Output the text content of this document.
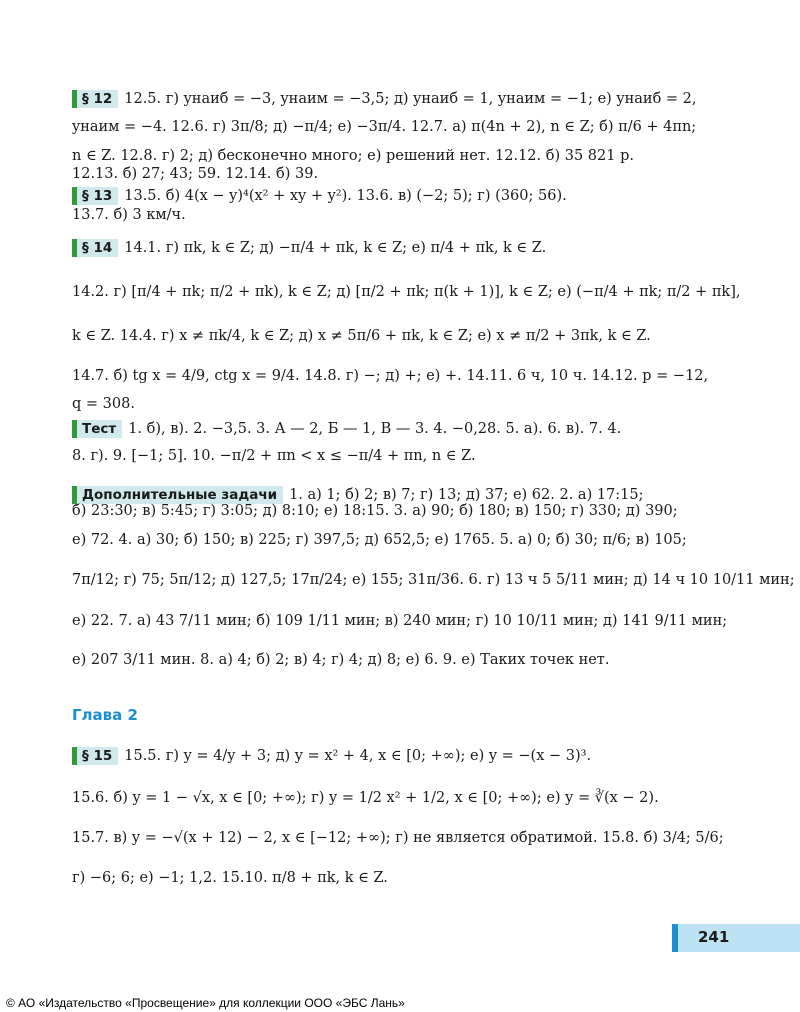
§ 12 12.5. г) yнаиб = −3, yнаим = −3,5; д) yнаиб = 1, yнаим = −1; е) yнаиб = 2,
yнаим = −4. 12.6. г) 3π/8; д) −π/4; е) −3π/4. 12.7. а) π(4n + 2), n ∈ Z; б) π/6 + 4πn;
n ∈ Z. 12.8. г) 2; д) бесконечно много; е) решений нет. 12.12. б) 35 821 р.
12.13. б) 27; 43; 59. 12.14. б) 39.
§ 13 13.5. б) 4(x − y)⁴(x² + xy + y²). 13.6. в) (−2; 5); г) (360; 56).
13.7. б) 3 км/ч.
§ 14 14.1. г) πk, k ∈ Z; д) −π/4 + πk, k ∈ Z; е) π/4 + πk, k ∈ Z.
14.2. г) [π/4 + πk; π/2 + πk), k ∈ Z; д) [π/2 + πk; π(k + 1)], k ∈ Z; е) (−π/4 + πk; π/2 + πk],
k ∈ Z. 14.4. г) x ≠ πk/4, k ∈ Z; д) x ≠ 5π/6 + πk, k ∈ Z; е) x ≠ π/2 + 3πk, k ∈ Z.
14.7. б) tg x = 4/9, ctg x = 9/4. 14.8. г) −; д) +; е) +. 14.11. 6 ч, 10 ч. 14.12. p = −12,
q = 308.
Тест 1. б), в). 2. −3,5. 3. А — 2, Б — 1, В — 3. 4. −0,28. 5. а). 6. в). 7. 4.
8. г). 9. [−1; 5]. 10. −π/2 + πn < x ≤ −π/4 + πn, n ∈ Z.
Дополнительные задачи 1. а) 1; б) 2; в) 7; г) 13; д) 37; е) 62. 2. а) 17:15;
б) 23:30; в) 5:45; г) 3:05; д) 8:10; е) 18:15. 3. а) 90; б) 180; в) 150; г) 330; д) 390;
е) 72. 4. а) 30; б) 150; в) 225; г) 397,5; д) 652,5; е) 1765. 5. а) 0; б) 30; π/6; в) 105;
7π/12; г) 75; 5π/12; д) 127,5; 17π/24; е) 155; 31π/36. 6. г) 13 ч 5 5/11 мин; д) 14 ч 10 10/11 мин;
е) 22. 7. а) 43 7/11 мин; б) 109 1/11 мин; в) 240 мин; г) 10 10/11 мин; д) 141 9/11 мин;
е) 207 3/11 мин. 8. а) 4; б) 2; в) 4; г) 4; д) 8; е) 6. 9. е) Таких точек нет.
Глава 2
§ 15 15.5. г) y = 4/y + 3; д) y = x² + 4, x ∈ [0; +∞); е) y = −(x − 3)³.
15.6. б) y = 1 − √x, x ∈ [0; +∞); г) y = 1/2 x² + 1/2, x ∈ [0; +∞); е) y = ∛(x − 2).
15.7. в) y = −√(x + 12) − 2, x ∈ [−12; +∞); г) не является обратимой. 15.8. б) 3/4; 5/6;
г) −6; 6; е) −1; 1,2. 15.10. π/8 + πk, k ∈ Z.
241
© АО «Издательство «Просвещение» для коллекции ООО «ЭБС Лань»
